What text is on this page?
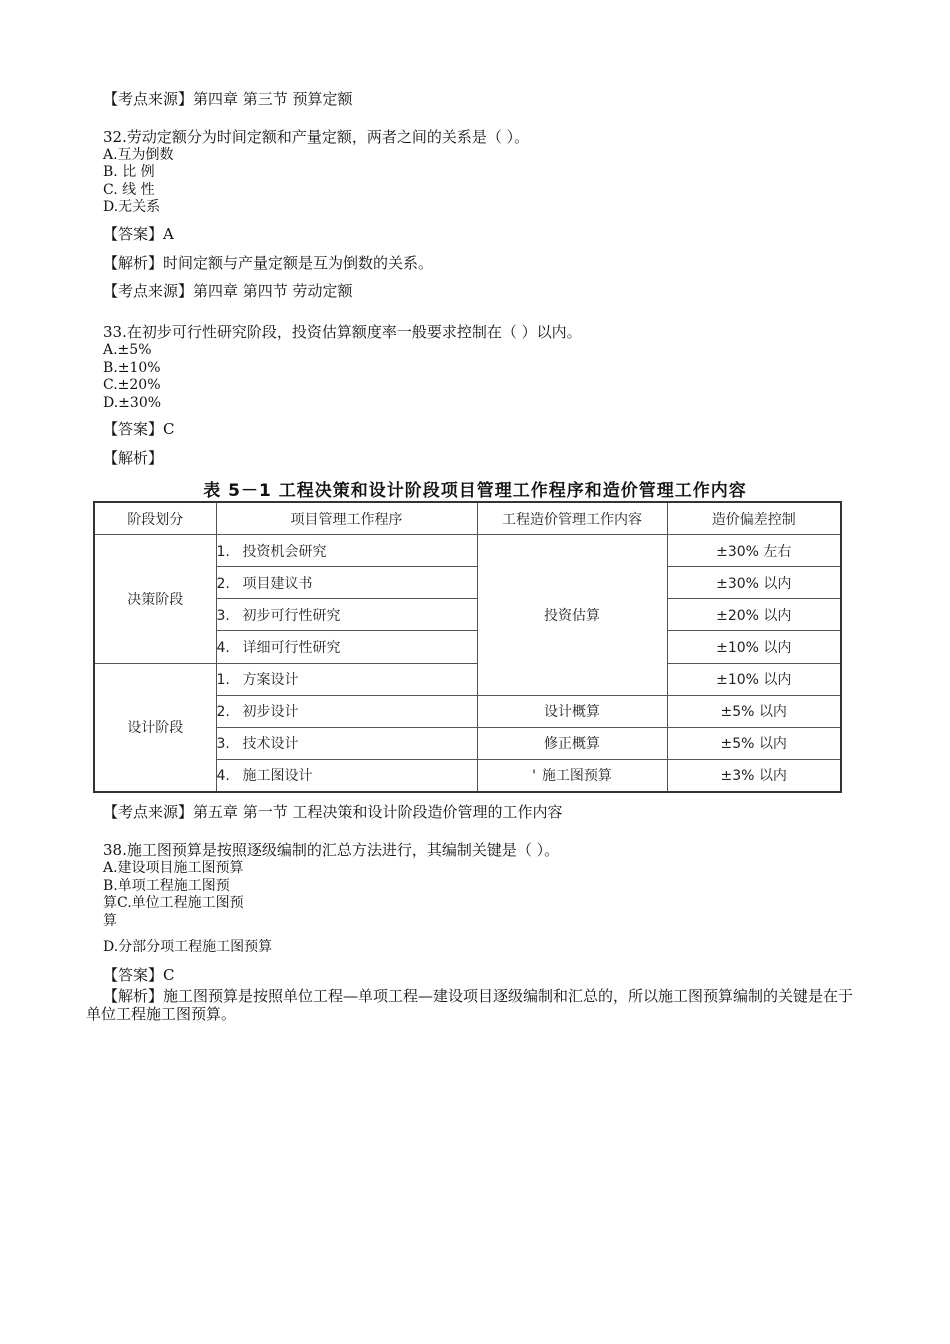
【考点来源】第四章 第三节 预算定额
32.劳动定额分为时间定额和产量定额，两者之间的关系是（ ）。
A.互为倒数
B. 比 例
C. 线 性
D.无关系
【答案】A
【解析】时间定额与产量定额是互为倒数的关系。
【考点来源】第四章 第四节 劳动定额
33.在初步可行性研究阶段，投资估算额度率一般要求控制在（ ）以内。
A.±5%
B.±10%
C.±20%
D.±30%
【答案】C
【解析】
表 5－1 工程决策和设计阶段项目管理工作程序和造价管理工作内容
阶段划分	项目管理工作程序	工程造价管理工作内容	造价偏差控制
决策阶段	1. 投资机会研究	投资估算	±30% 左右
	2. 项目建议书		±30% 以内
	3. 初步可行性研究		±20% 以内
	4. 详细可行性研究		±10% 以内
设计阶段	1. 方案设计		±10% 以内
	2. 初步设计	设计概算	±5% 以内
	3. 技术设计	修正概算	±5% 以内
	4. 施工图设计	' 施工图预算	±3% 以内
【考点来源】第五章 第一节 工程决策和设计阶段造价管理的工作内容
38.施工图预算是按照逐级编制的汇总方法进行，其编制关键是（ ）。
A.建设项目施工图预算
B.单项工程施工图预
算C.单位工程施工图预
算
D.分部分项工程施工图预算
【答案】C
【解析】施工图预算是按照单位工程—单项工程—建设项目逐级编制和汇总的，所以施工图预算编制的关键是在于单位工程施工图预算。
